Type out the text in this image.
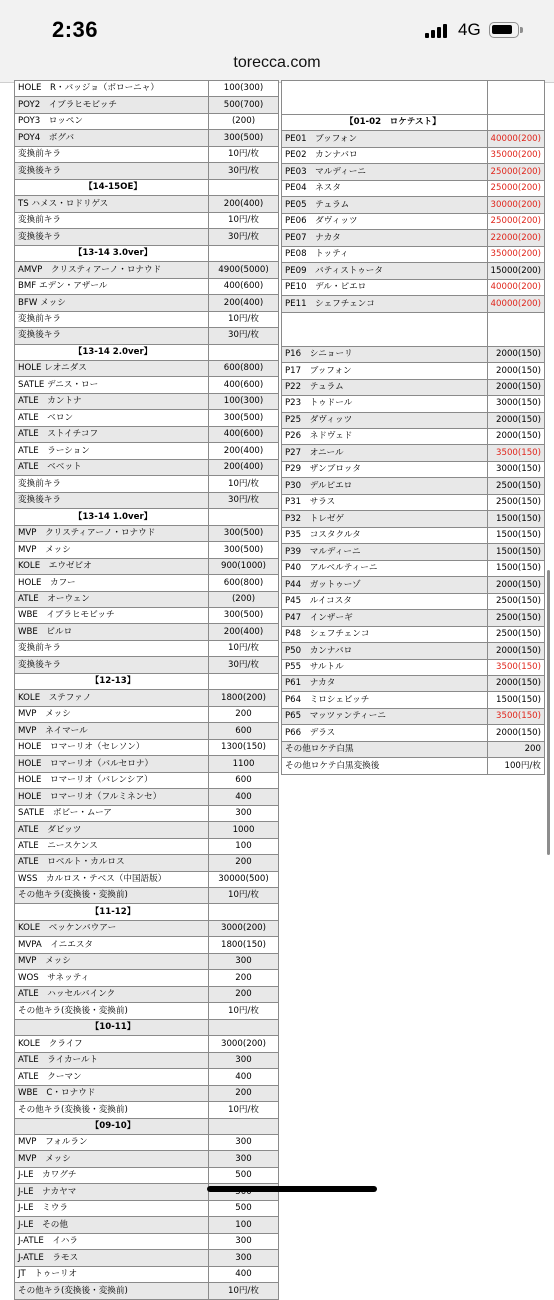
2:36	4G
torecca.com
HOLE　R・バッジョ（ボローニャ）	100(300)
POY2　イブラヒモビッチ	500(700)
POY3　ロッペン	(200)
POY4　ボグバ	300(500)
変換前キラ	10円/枚
変換後キラ	30円/枚
【14-15OE】	
TS ハメス・ロドリゲス	200(400)
変換前キラ	10円/枚
変換後キラ	30円/枚
【13-14 3.0ver】	
AMVP　クリスティアーノ・ロナウド	4900(5000)
BMF エデン・アザール	400(600)
BFW メッシ	200(400)
変換前キラ	10円/枚
変換後キラ	30円/枚
【13-14 2.0ver】	
HOLE レオニダス	600(800)
SATLE デニス・ロー	400(600)
ATLE　カントナ	100(300)
ATLE　ベロン	300(500)
ATLE　ストイチコフ	400(600)
ATLE　ラーション	200(400)
ATLE　ベベット	200(400)
変換前キラ	10円/枚
変換後キラ	30円/枚
【13-14 1.0ver】	
MVP　クリスティアーノ・ロナウド	300(500)
MVP　メッシ	300(500)
KOLE　エウゼビオ	900(1000)
HOLE　カフー	600(800)
ATLE　オーウェン	(200)
WBE　イブラヒモビッチ	300(500)
WBE　ビルロ	200(400)
変換前キラ	10円/枚
変換後キラ	30円/枚
【12-13】	
KOLE　ステファノ	1800(200)
MVP　メッシ	200
MVP　ネイマール	600
HOLE　ロマーリオ（セレソン）	1300(150)
HOLE　ロマーリオ（バルセロナ）	1100
HOLE　ロマーリオ（バレンシア）	600
HOLE　ロマーリオ（フルミネンセ）	400
SATLE　ボビー・ムーア	300
ATLE　ダビッツ	1000
ATLE　ニースケンス	100
ATLE　ロベルト・カルロス	200
WSS　カルロス・テベス（中国語版）	30000(500)
その他キラ(変換後・変換前)	10円/枚
【11-12】	
KOLE　ベッケンバウアー	3000(200)
MVPA　イニエスタ	1800(150)
MVP　メッシ	300
WOS　サネッティ	200
ATLE　ハッセルバインク	200
その他キラ(変換後・変換前)	10円/枚
【10-11】	
KOLE　クライフ	3000(200)
ATLE　ライカールト	300
ATLE　クーマン	400
WBE　C・ロナウド	200
その他キラ(変換後・変換前)	10円/枚
【09-10】	
MVP　フォルラン	300
MVP　メッシ	300
J-LE　カワグチ	500
J-LE　ナカヤマ	
J-LE　ミウラ	500
J-LE　その他	100
J-ATLE　イハラ	300
J-ATLE　ラモス	300
JT　トゥーリオ	400
その他キラ(変換後・変換前)	10円/枚

【01-02　ロケテスト】	
PE01　ブッフォン	40000(200)
PE02　カンナバロ	35000(200)
PE03　マルディーニ	25000(200)
PE04　ネスタ	25000(200)
PE05　テュラム	30000(200)
PE06　ダヴィッツ	25000(200)
PE07　ナカタ	22000(200)
PE08　トッティ	35000(200)
PE09　バティストゥータ	15000(200)
PE10　デル・ピエロ	40000(200)
PE11　シェフチェンコ	40000(200)

P16　シニョーリ	2000(150)
P17　ブッフォン	2000(150)
P22　テュラム	2000(150)
P23　トゥドール	3000(150)
P25　ダヴィッツ	2000(150)
P26　ネドヴェド	2000(150)
P27　オニール	3500(150)
P29　ザンブロッタ	3000(150)
P30　デルピエロ	2500(150)
P31　サラス	2500(150)
P32　トレゼゲ	1500(150)
P35　コスタクルタ	1500(150)
P39　マルディーニ	1500(150)
P40　アルベルティーニ	1500(150)
P44　ガットゥーゾ	2000(150)
P45　ルイコスタ	2500(150)
P47　インザーギ	2500(150)
P48　シェフチェンコ	2500(150)
P50　カンナバロ	2000(150)
P55　サルトル	3500(150)
P61　ナカタ	2000(150)
P64　ミロシェビッチ	1500(150)
P65　マッツァンティーニ	3500(150)
P66　デラス	2000(150)
その他ロケテ白黒	200
その他ロケテ白黒変換後	100円/枚
